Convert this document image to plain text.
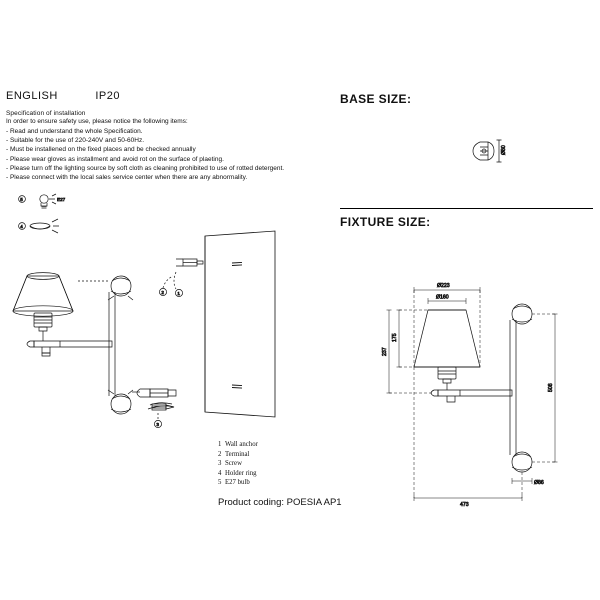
ENGLISH	IP20
Specification of installation
In order to ensure safety use, please notice the following items:
- Read and understand the whole Specification.
- Suitable for the use of 220-240V and 50-60Hz.
- Must be installened on the fixed places and be checked annually
- Please wear gloves as installment and avoid rot on the surface of plaeting.
- Please turn off the lighting source by soft cloth as cleaning prohibited to use of rotted detergent.
- Please connect with the local sales service center when there are any abnormality.
BASE SIZE:
FIXTURE SIZE:
1 Wall anchor
2 Terminal
3 Screw
4 Holder ring
5 E27 bulb
Product coding: POESIA AP1
E27
5
4
1
3
Ø80
Ø223
Ø160
175
237
508
473
Ø86
2
